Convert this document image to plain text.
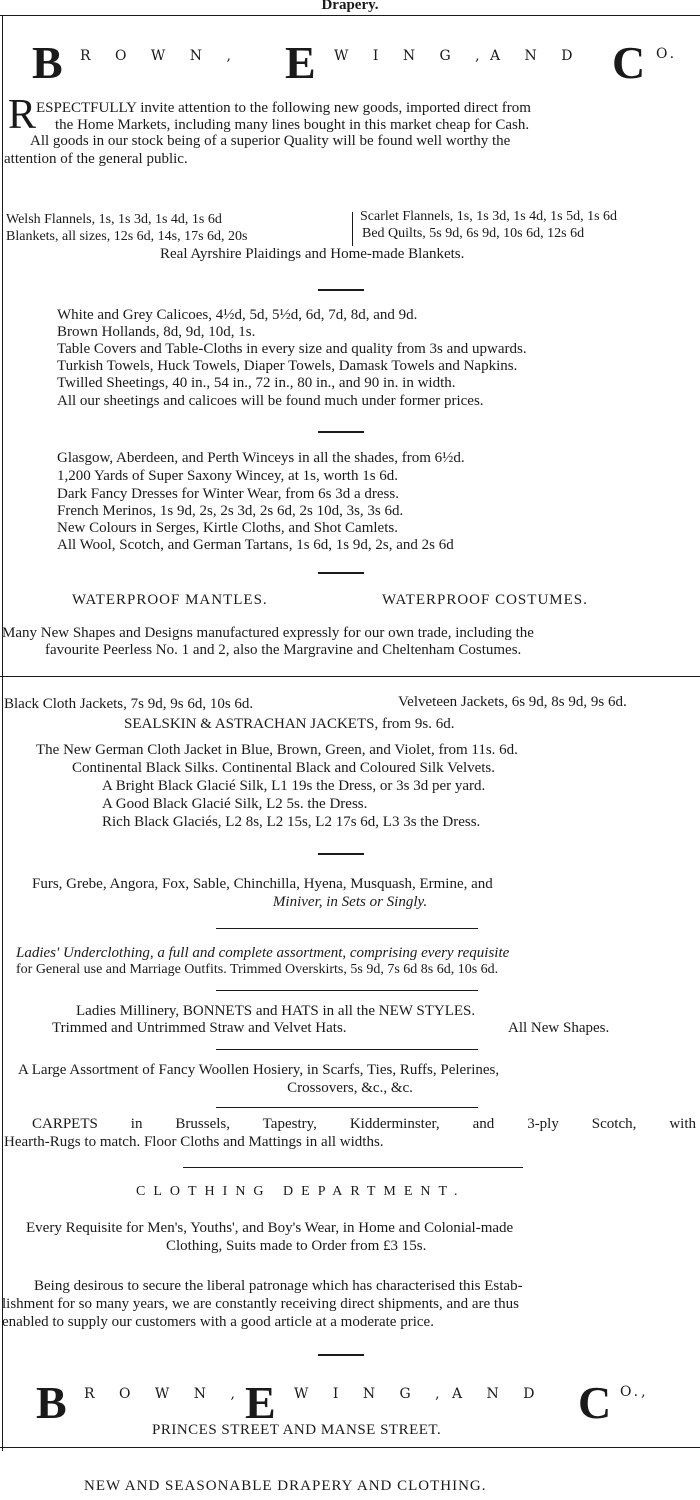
Drapery.
B R O W N , E W I N G , A N D C O.
R ESPECTFULLY invite attention to the following new goods, imported direct from
the Home Markets, including many lines bought in this market cheap for Cash.
All goods in our stock being of a superior Quality will be found well worthy the
attention of the general public.
Welsh Flannels, 1s, 1s 3d, 1s 4d, 1s 6d
Blankets, all sizes, 12s 6d, 14s, 17s 6d, 20s
Scarlet Flannels, 1s, 1s 3d, 1s 4d, 1s 5d, 1s 6d
Bed Quilts, 5s 9d, 6s 9d, 10s 6d, 12s 6d
Real Ayrshire Plaidings and Home-made Blankets.
White and Grey Calicoes, 4½d, 5d, 5½d, 6d, 7d, 8d, and 9d.
Brown Hollands, 8d, 9d, 10d, 1s.
Table Covers and Table-Cloths in every size and quality from 3s and upwards.
Turkish Towels, Huck Towels, Diaper Towels, Damask Towels and Napkins.
Twilled Sheetings, 40 in., 54 in., 72 in., 80 in., and 90 in. in width.
All our sheetings and calicoes will be found much under former prices.
Glasgow, Aberdeen, and Perth Winceys in all the shades, from 6½d.
1,200 Yards of Super Saxony Wincey, at 1s, worth 1s 6d.
Dark Fancy Dresses for Winter Wear, from 6s 3d a dress.
French Merinos, 1s 9d, 2s, 2s 3d, 2s 6d, 2s 10d, 3s, 3s 6d.
New Colours in Serges, Kirtle Cloths, and Shot Camlets.
All Wool, Scotch, and German Tartans, 1s 6d, 1s 9d, 2s, and 2s 6d
WATERPROOF MANTLES.	WATERPROOF COSTUMES.
Many New Shapes and Designs manufactured expressly for our own trade, including the
favourite Peerless No. 1 and 2, also the Margravine and Cheltenham Costumes.
Black Cloth Jackets, 7s 9d, 9s 6d, 10s 6d.	Velveteen Jackets, 6s 9d, 8s 9d, 9s 6d.
SEALSKIN & ASTRACHAN JACKETS, from 9s. 6d.
The New German Cloth Jacket in Blue, Brown, Green, and Violet, from 11s. 6d.
Continental Black Silks. Continental Black and Coloured Silk Velvets.
A Bright Black Glacié Silk, L1 19s the Dress, or 3s 3d per yard.
A Good Black Glacié Silk, L2 5s. the Dress.
Rich Black Glaciés, L2 8s, L2 15s, L2 17s 6d, L3 3s the Dress.
Furs, Grebe, Angora, Fox, Sable, Chinchilla, Hyena, Musquash, Ermine, and
Miniver, in Sets or Singly.
Ladies' Underclothing, a full and complete assortment, comprising every requisite
for General use and Marriage Outfits. Trimmed Overskirts, 5s 9d, 7s 6d 8s 6d, 10s 6d.
Ladies Millinery, BONNETS and HATS in all the NEW STYLES.
Trimmed and Untrimmed Straw and Velvet Hats.	All New Shapes.
A Large Assortment of Fancy Woollen Hosiery, in Scarfs, Ties, Ruffs, Pelerines,
Crossovers, &c., &c.
CARPETS in Brussels, Tapestry, Kidderminster, and 3-ply Scotch, with
Hearth-Rugs to match. Floor Cloths and Mattings in all widths.
CLOTHING DEPARTMENT.
Every Requisite for Men's, Youths', and Boy's Wear, in Home and Colonial-made
Clothing, Suits made to Order from £3 15s.
Being desirous to secure the liberal patronage which has characterised this Estab-
lishment for so many years, we are constantly receiving direct shipments, and are thus
enabled to supply our customers with a good article at a moderate price.
B R O W N , E W I N G , A N D C O.,
PRINCES STREET AND MANSE STREET.
NEW AND SEASONABLE DRAPERY AND CLOTHING.
